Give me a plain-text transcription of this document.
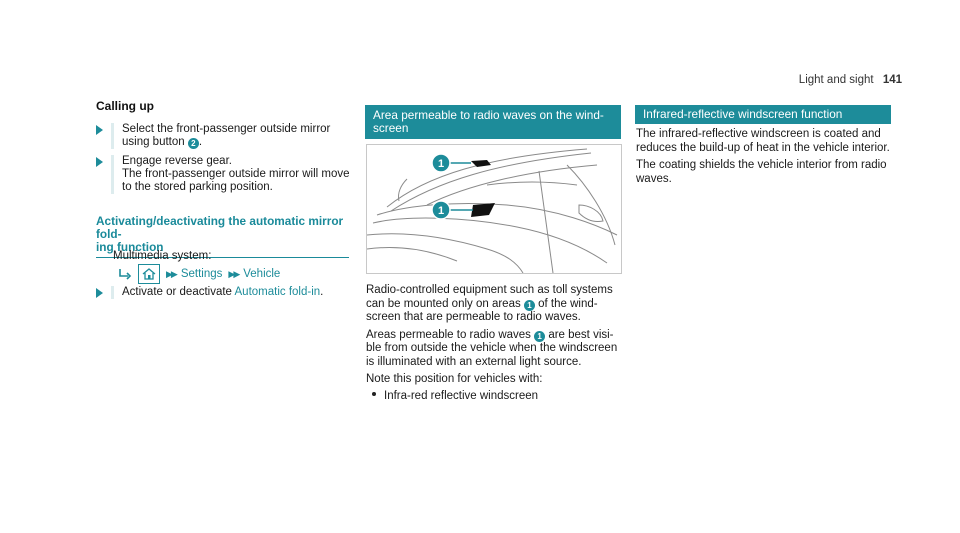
Light and sight 141
Calling up
Select the front-passenger outside mirror
using button 2 .
Engage reverse gear.
The front-passenger outside mirror will move
to the stored parking position.
Activating/deactivating the automatic mirror fold-
ing function
Multimedia system:
▶▶ Settings ▶▶ Vehicle
Activate or deactivate Automatic fold-in.
Area permeable to radio waves on the wind-
screen
1
1

Radio-controlled equipment such as toll systems

can be mounted only on areas 1 of the wind-

screen that are permeable to radio waves.

Areas permeable to radio waves 1 are best visi-

ble from outside the vehicle when the windscreen

is illuminated with an external light source.

Note this position for vehicles with:

Infra-red reflective windscreen

Infrared-reflective windscreen function

The infrared-reflective windscreen is coated and

reduces the build-up of heat in the vehicle interior.

The coating shields the vehicle interior from radio

waves.
